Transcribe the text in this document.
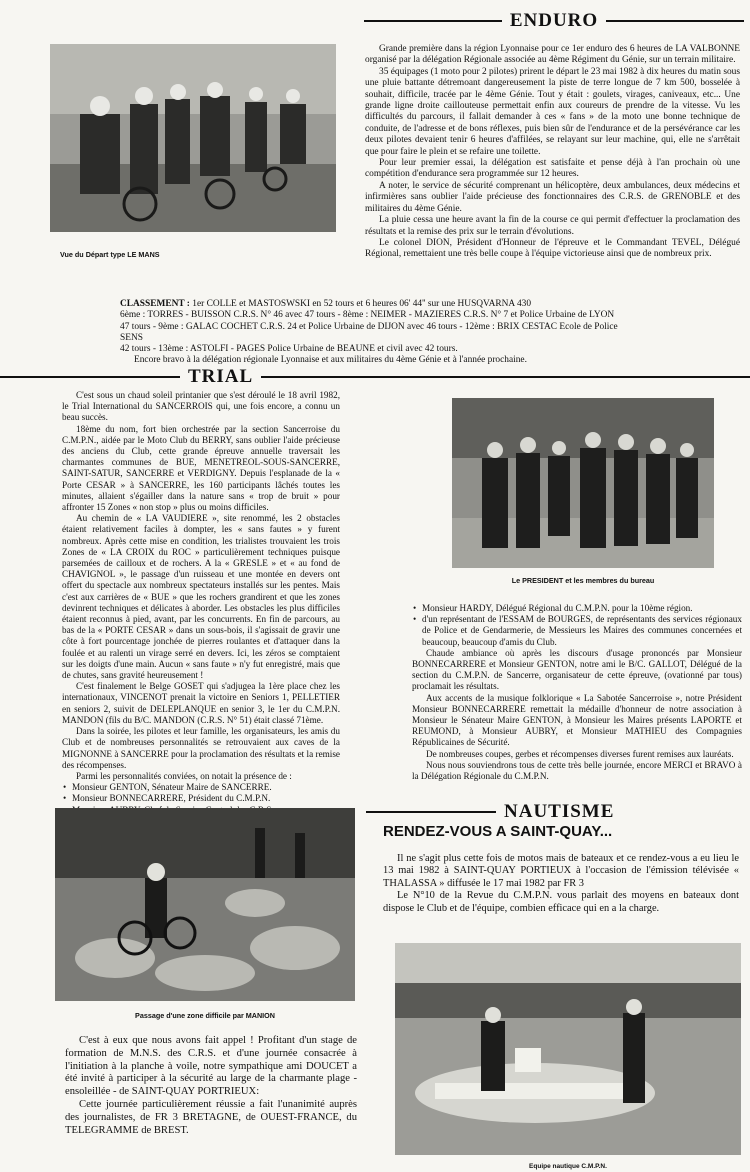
ENDURO
Vue du Départ type LE MANS

Grande première dans la région Lyonnaise pour ce 1er enduro des 6 heures de LA VALBONNE organisé par la délégation Régionale associée au 4ème Régiment du Génie, sur un terrain militaire.

35 équipages (1 moto pour 2 pilotes) prirent le départ le 23 mai 1982 à dix heures du matin sous une pluie battante détremoant dangereusement la piste de terre longue de 7 km 500, bosselée à souhait, difficile, tracée par le 4ème Génie. Tout y était : goulets, virages, caniveaux, etc... Une grande ligne droite caillouteuse permettait enfin aux coureurs de prendre de la vitesse. Vu les difficultés du parcours, il fallait demander à ces « fans » de la moto une bonne technique de conduite, de l'adresse et de bons réflexes, puis bien sûr de l'endurance et de la persévérance car les deux pilotes devaient tenir 6 heures d'affilées, se relayant sur leur machine, qui, elle ne s'arrêtait que pour faire le plein et se refaire une toilette.

Pour leur premier essai, la délégation est satisfaite et pense déjà à l'an prochain où une compétition d'endurance sera programmée sur 12 heures.

A noter, le service de sécurité comprenant un hélicoptère, deux ambulances, deux médecins et infirmières sans oublier l'aide précieuse des fonctionnaires des C.R.S. de GRENOBLE et des militaires du 4ème Génie.

La pluie cessa une heure avant la fin de la course ce qui permit d'effectuer la proclamation des résultats et la remise des prix sur le terrain d'évolutions.

Le colonel DION, Président d'Honneur de l'épreuve et le Commandant TEVEL, Délégué Régional, remettaient une très belle coupe à l'équipe victorieuse ainsi que de nombreux prix.

CLASSEMENT : 1er COLLE et MASTOSWSKI en 52 tours et 6 heures 06' 44'' sur une HUSQVARNA 430

6ème : TORRES - BUISSON C.R.S. N° 46 avec 47 tours - 8ème : NEIMER - MAZIERES C.R.S. N° 7 et Police Urbaine de LYON

47 tours - 9ème : GALAC COCHET C.R.S. 24 et Police Urbaine de DIJON avec 46 tours - 12ème : BRIX CESTAC Ecole de Police SENS

42 tours - 13ème : ASTOLFI - PAGES Police Urbaine de BEAUNE et civil avec 42 tours.

Encore bravo à la délégation régionale Lyonnaise et aux militaires du 4ème Génie et à l'année prochaine.

TRIAL

C'est sous un chaud soleil printanier que s'est déroulé le 18 avril 1982, le Trial International du SANCERROIS qui, une fois encore, a connu un beau succès.

18ème du nom, fort bien orchestrée par la section Sancerroise du C.M.P.N., aidée par le Moto Club du BERRY, sans oublier l'aide précieuse des anciens du Club, cette grande épreuve annuelle traversait les charmantes communes de BUE, MENETREOL-SOUS-SANCERRE, SAINT-SATUR, SANCERRE et VERDIGNY. Depuis l'esplanade de la « Porte CESAR » à SANCERRE, les 160 participants lâchés toutes les minutes, allaient s'égailler dans la nature sans « trop de bruit » pour affronter 15 Zones « non stop » plus ou moins difficiles.

Au chemin de « LA VAUDIERE », site renommé, les 2 obstacles étaient relativement faciles à dompter, les « sans fautes » y furent nombreux. Après cette mise en condition, les trialistes trouvaient les trois Zones de « LA CROIX du ROC » particulièrement techniques puisque parsemées de cailloux et de rochers. A la « GRESLE » et « au fond de CHAVIGNOL », le passage d'un ruisseau et une montée en devers ont offert du spectacle aux nombreux spectateurs installés sur les pentes. Mais c'est aux carrières de « BUE » que les rochers grandirent et que les zones devinrent techniques et délicates à aborder. Les obstacles les plus difficiles étaient reconnus à pied, avant, par les concurrents. En fin de parcours, au bas de la « PORTE CESAR » dans un sous-bois, il s'agissait de gravir une côte à fort pourcentage jonchée de pierres roulantes et d'attaquer dans la foulée et au ralenti un virage serré en devers. Ici, les zéros se comptaient sur les doigts d'une main. Aucun « sans faute » n'y fut enregistré, mais que de chutes, sans gravité heureusement !

C'est finalement le Belge GOSET qui s'adjugea la 1ère place chez les internationaux, VINCENOT prenait la victoire en Seniors 1, PELLETIER en seniors 2, suivit de DELEPLANQUE en senior 3, le 1er du C.M.P.N. MANDON (fils du B/C. MANDON (C.R.S. N° 51) était classé 71ème.

Dans la soirée, les pilotes et leur famille, les organisateurs, les amis du Club et de nombreuses personnalités se retrouvaient aux caves de la MIGNONNE à SANCERRE pour la proclamation des résultats et la remise des récompenses.

Parmi les personnalités conviées, on notait la présence de :

• Monsieur GENTON, Sénateur Maire de SANCERRE.
• Monsieur BONNECARRERE, Président du C.M.P.N.
•
•
•
•
Le PRESIDENT et les membres du bureau
• Monsieur HARDY, Délégué Régional du C.M.P.N. pour la 10ème région.
• d'un représentant de l'ESSAM de BOURGES, de représentants des services régionaux de Police et de Gendarmerie, de Messieurs les Maires des communes concernées et beaucoup, beaucoup d'amis du Club.

Chaude ambiance où après les discours d'usage prononcés par Monsieur BONNECARRERE et Monsieur GENTON, notre ami le B/C. GALLOT, Délégué de la section du C.M.P.N. de Sancerre, organisateur de cette épreuve, (ovationné par tous) proclamait les résultats.

Aux accents de la musique folklorique « La Sabotée Sancerroise », notre Président Monsieur BONNECARRERE remettait la médaille d'honneur de notre association à Monsieur le Sénateur Maire GENTON, à Monsieur les Maires présents LAPORTE et REUMOND, à Monsieur AUBRY, et Monsieur MATHIEU des Compagnies Républicaines de Sécurité.

De nombreuses coupes, gerbes et récompenses diverses furent remises aux lauréats.

Nous nous souviendrons tous de cette très belle journée, encore MERCI et BRAVO à la Délégation Régionale du C.M.P.N.

Passage d'une zone difficile par MANION
NAUTISME
RENDEZ-VOUS A SAINT-QUAY...

Il ne s'agit plus cette fois de motos mais de bateaux et ce rendez-vous a eu lieu le 13 mai 1982 à SAINT-QUAY PORTIEUX à l'occasion de l'émission télévisée « THALASSA » diffusée le 17 mai 1982 par FR 3

Le N°10 de la Revue du C.M.P.N. vous parlait des moyens en bateaux dont dispose le Club et de l'équipe, combien efficace qui en a la charge.

C'est à eux que nous avons fait appel ! Profitant d'un stage de formation de M.N.S. des C.R.S. et d'une journée consacrée à l'initiation à la planche à voile, notre sympathique ami DOUCET a été invité à participer à la sécurité au large de la charmante plage - ensoleillée - de SAINT-QUAY PORTRIEUX:

Cette journée particulièrement réussie a fait l'unanimité auprès des journalistes, de FR 3 BRETAGNE, de OUEST-FRANCE, du TELEGRAMME de BREST.

Equipe nautique C.M.P.N.
